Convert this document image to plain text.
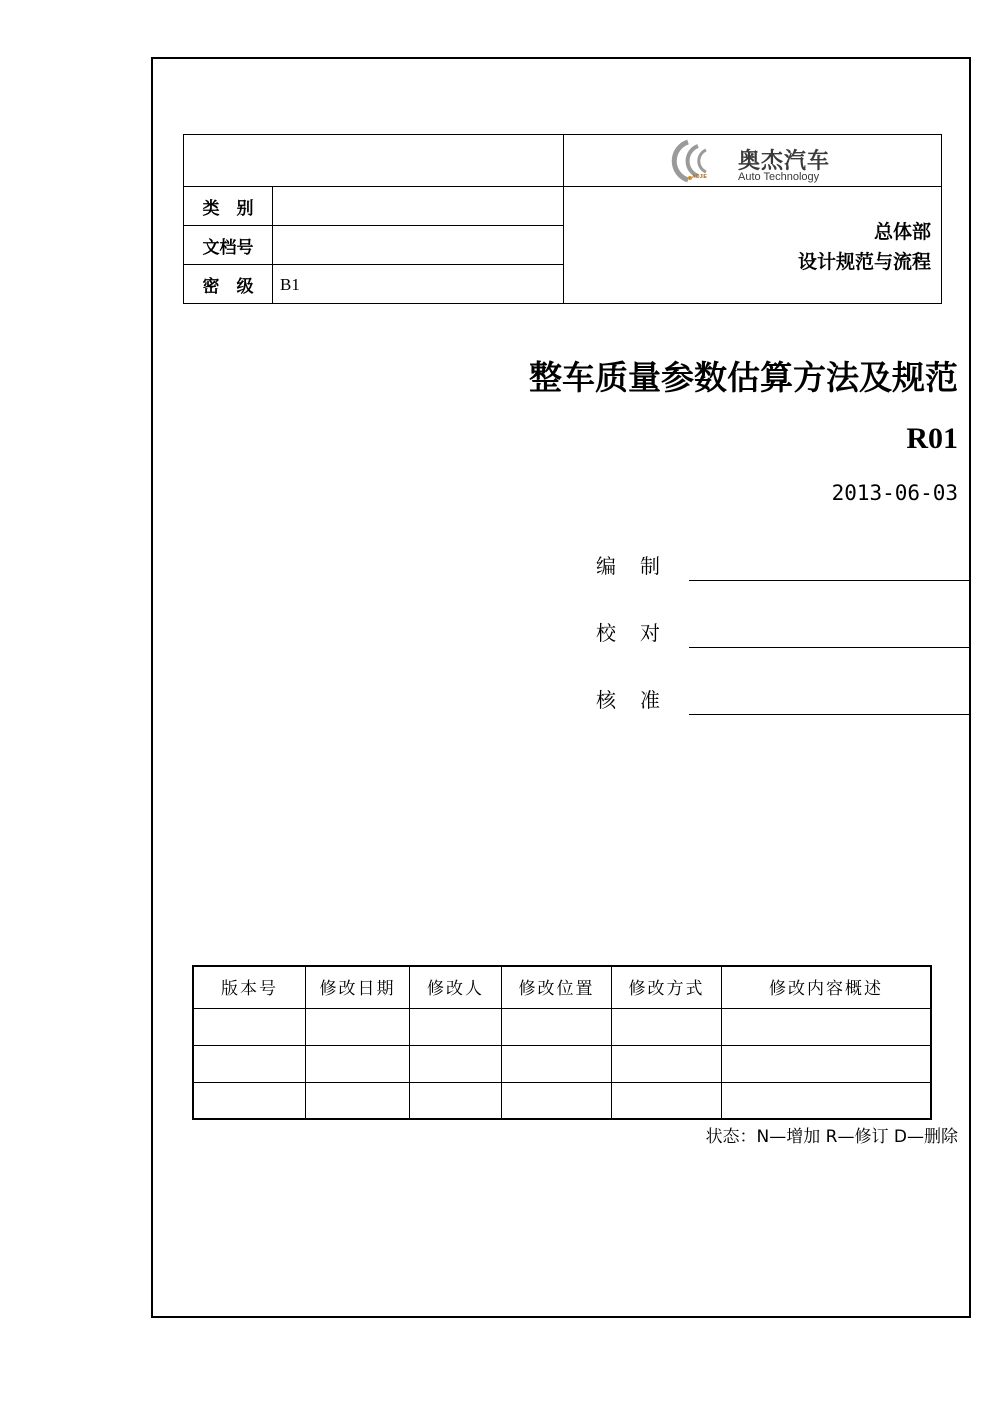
类　别
文档号
密　级	B1
AOJIE
奥杰汽车
Auto Technology
总体部
设计规范与流程
整车质量参数估算方法及规范
R01
2013-06-03
编制
校对
核准
版本号	修改日期	修改人	修改位置	修改方式	修改内容概述
状态：N—增加 R—修订 D—删除
